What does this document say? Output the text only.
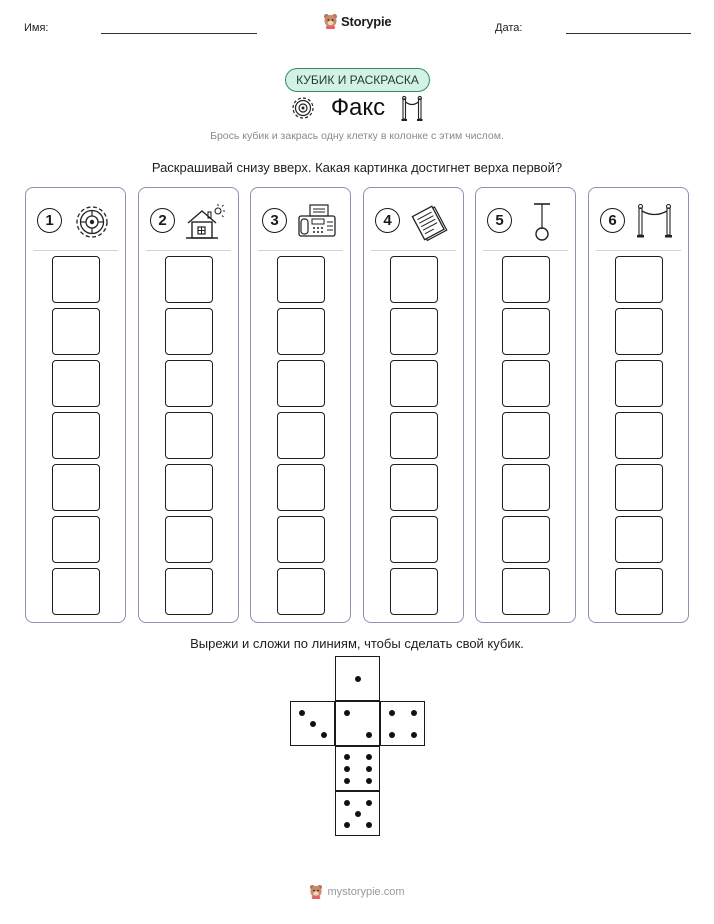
Имя:	Storypie	Дата:
КУБИК И РАСКРАСКА
Факс
Брось кубик и закрась одну клетку в колонке с этим числом.
Раскрашивай снизу вверх. Какая картинка достигнет верха первой?
1	2	3	4	5	6
Вырежи и сложи по линиям, чтобы сделать свой кубик.
mystorypie.com
